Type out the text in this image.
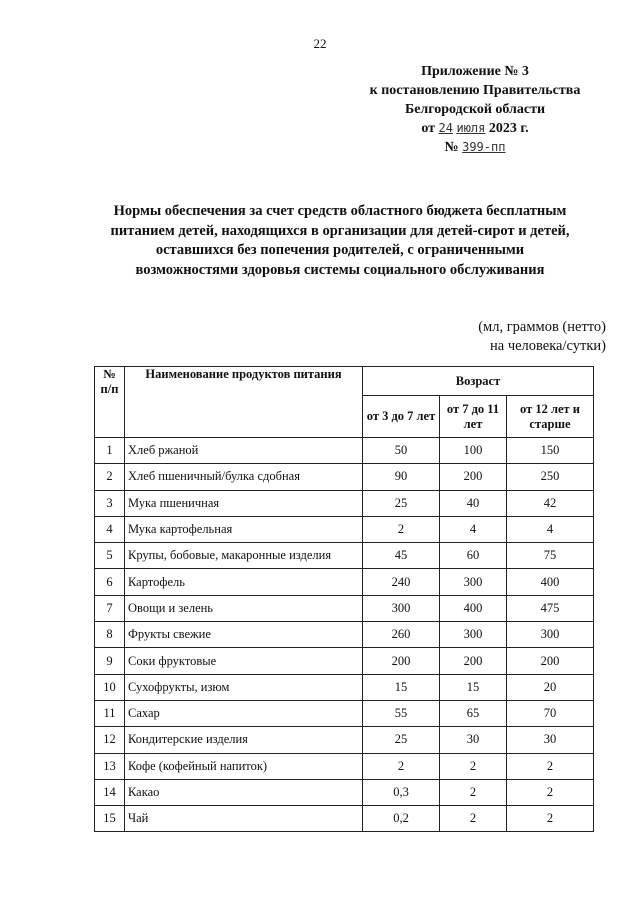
22
Приложение № 3
к постановлению Правительства
Белгородской области
от 24 июля 2023 г.
№ 399-пп
Нормы обеспечения за счет средств областного бюджета бесплатным питанием детей, находящихся в организации для детей-сирот и детей, оставшихся без попечения родителей, с ограниченными возможностями здоровья системы социального обслуживания
(мл, граммов (нетто)
на человека/сутки)
№ п/п	Наименование продуктов питания	Возраст		
		от 3 до 7 лет	от 7 до 11 лет	от 12 лет и старше
1	Хлеб ржаной	50	100	150
2	Хлеб пшеничный/булка сдобная	90	200	250
3	Мука пшеничная	25	40	42
4	Мука картофельная	2	4	4
5	Крупы, бобовые, макаронные изделия	45	60	75
6	Картофель	240	300	400
7	Овощи и зелень	300	400	475
8	Фрукты свежие	260	300	300
9	Соки фруктовые	200	200	200
10	Сухофрукты, изюм	15	15	20
11	Сахар	55	65	70
12	Кондитерские изделия	25	30	30
13	Кофе (кофейный напиток)	2	2	2
14	Какао	0,3	2	2
15	Чай	0,2	2	2
